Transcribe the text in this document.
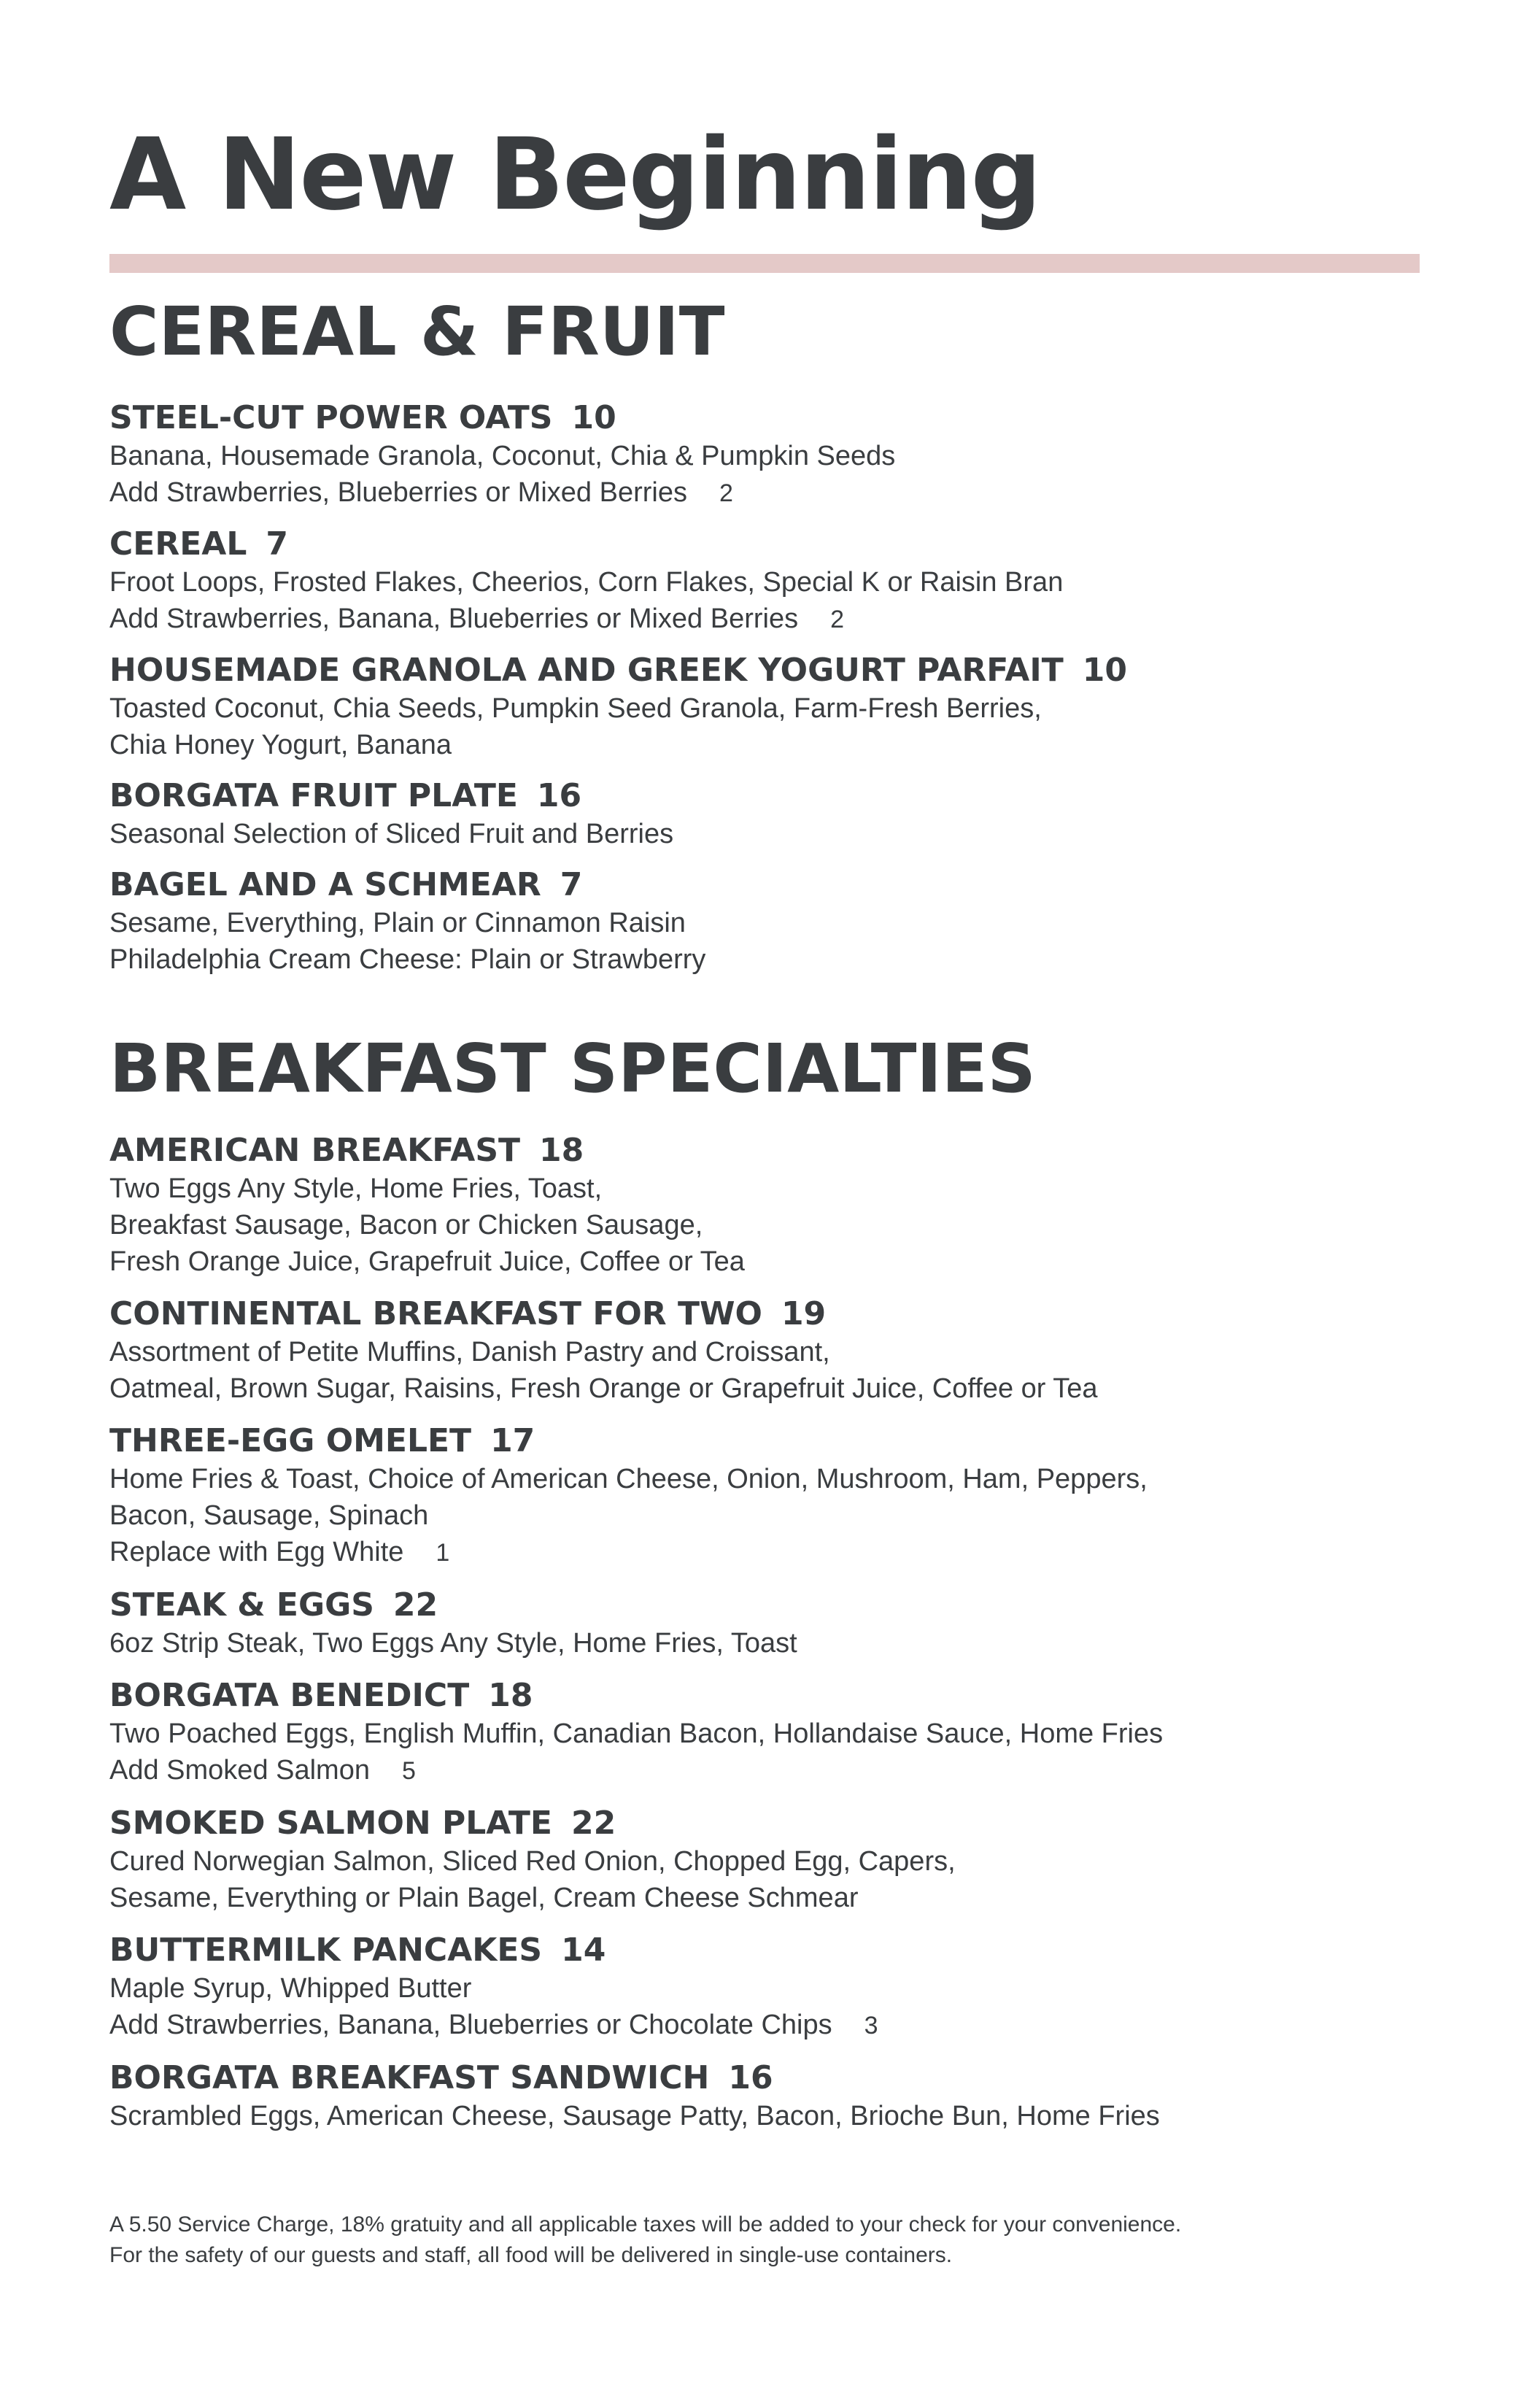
A New Beginning
CEREAL & FRUIT
STEEL-CUT POWER OATS 10

Banana, Housemade Granola, Coconut, Chia & Pumpkin Seeds

Add Strawberries, Blueberries or Mixed Berries 2

CEREAL 7

Froot Loops, Frosted Flakes, Cheerios, Corn Flakes, Special K or Raisin Bran

Add Strawberries, Banana, Blueberries or Mixed Berries 2

HOUSEMADE GRANOLA AND GREEK YOGURT PARFAIT 10

Toasted Coconut, Chia Seeds, Pumpkin Seed Granola, Farm-Fresh Berries,

Chia Honey Yogurt, Banana

BORGATA FRUIT PLATE 16

Seasonal Selection of Sliced Fruit and Berries

BAGEL AND A SCHMEAR 7

Sesame, Everything, Plain or Cinnamon Raisin

Philadelphia Cream Cheese: Plain or Strawberry

BREAKFAST SPECIALTIES
AMERICAN BREAKFAST 18

Two Eggs Any Style, Home Fries, Toast,

Breakfast Sausage, Bacon or Chicken Sausage,

Fresh Orange Juice, Grapefruit Juice, Coffee or Tea

CONTINENTAL BREAKFAST FOR TWO 19

Assortment of Petite Muffins, Danish Pastry and Croissant,

Oatmeal, Brown Sugar, Raisins, Fresh Orange or Grapefruit Juice, Coffee or Tea

THREE-EGG OMELET 17

Home Fries & Toast, Choice of American Cheese, Onion, Mushroom, Ham, Peppers,

Bacon, Sausage, Spinach

Replace with Egg White 1

STEAK & EGGS 22

6oz Strip Steak, Two Eggs Any Style, Home Fries, Toast

BORGATA BENEDICT 18

Two Poached Eggs, English Muffin, Canadian Bacon, Hollandaise Sauce, Home Fries

Add Smoked Salmon 5

SMOKED SALMON PLATE 22

Cured Norwegian Salmon, Sliced Red Onion, Chopped Egg, Capers,

Sesame, Everything or Plain Bagel, Cream Cheese Schmear

BUTTERMILK PANCAKES 14

Maple Syrup, Whipped Butter

Add Strawberries, Banana, Blueberries or Chocolate Chips 3

BORGATA BREAKFAST SANDWICH 16

Scrambled Eggs, American Cheese, Sausage Patty, Bacon, Brioche Bun, Home Fries

A 5.50 Service Charge, 18% gratuity and all applicable taxes will be added to your check for your convenience.

For the safety of our guests and staff, all food will be delivered in single-use containers.
